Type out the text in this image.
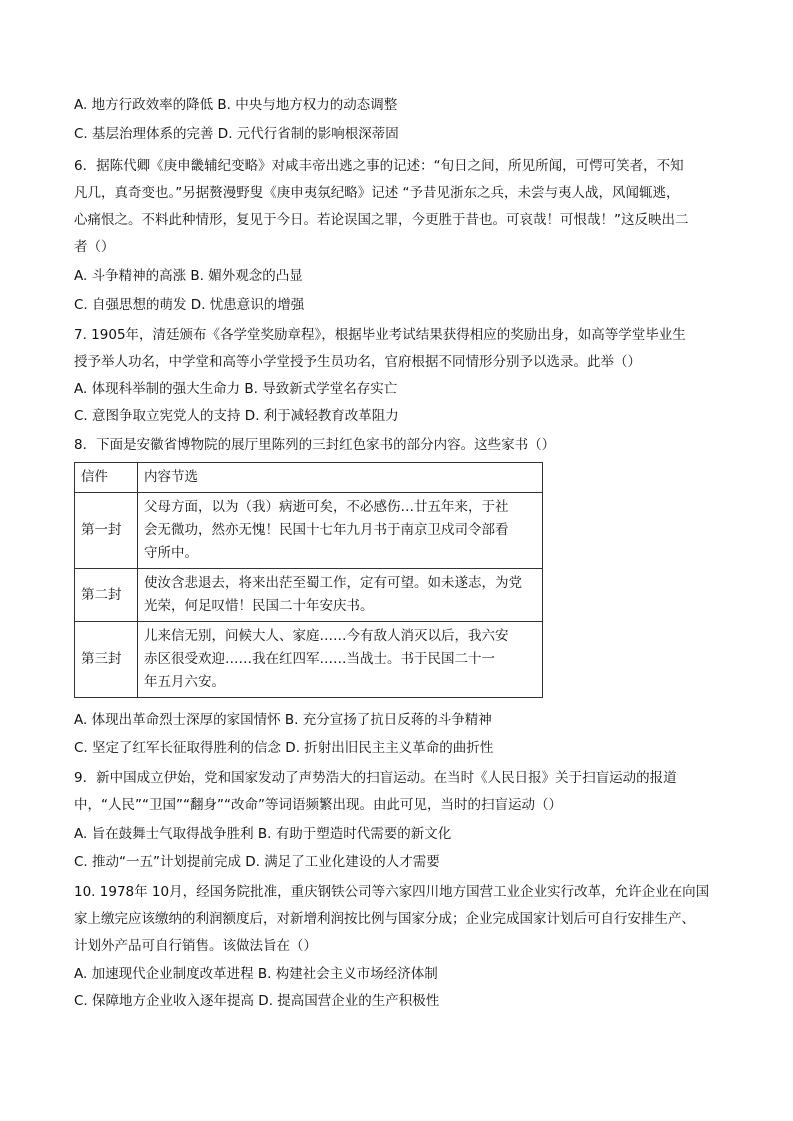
A. 地方行政效率的降低 B. 中央与地方权力的动态调整
C. 基层治理体系的完善 D. 元代行省制的影响根深蒂固
6．据陈代卿《庚申畿辅纪变略》对咸丰帝出逃之事的记述：“旬日之间，所见所闻，可愕可笑者，不知
凡几，真奇变也。”另据赘漫野叟《庚申夷氛纪略》记述 “予昔见浙东之兵，未尝与夷人战，风闻辄逃，
心痛恨之。不料此种情形，复见于今日。若论误国之罪，今更胜于昔也。可哀哉！可恨哉！”这反映出二
者（）
A. 斗争精神的高涨 B. 媚外观念的凸显
C. 自强思想的萌发 D. 忧患意识的增强
7. 1905年，清廷颁布《各学堂奖励章程》，根据毕业考试结果获得相应的奖励出身，如高等学堂毕业生
授予举人功名，中学堂和高等小学堂授予生员功名，官府根据不同情形分别予以选录。此举（）
A. 体现科举制的强大生命力 B. 导致新式学堂名存实亡
C. 意图争取立宪党人的支持 D. 利于减轻教育改革阻力
8．下面是安徽省博物院的展厅里陈列的三封红色家书的部分内容。这些家书（）
信件	内容节选
第一封	父母方面，以为（我）病逝可矣，不必感伤…廿五年来，于社
会无微功，然亦无愧！民国十七年九月书于南京卫戍司令部看
守所中。

第二封	使汝含悲退去，将来出茫至蜀工作，定有可望。如未遂志，为党
光荣，何足叹惜！民国二十年安庆书。

第三封	儿来信无别，问候大人、家庭……今有敌人消灭以后，我六安
赤区很受欢迎……我在红四军……当战士。书于民国二十一
年五月六安。
A. 体现出革命烈士深厚的家国情怀 B. 充分宣扬了抗日反蒋的斗争精神
C. 坚定了红军长征取得胜利的信念 D. 折射出旧民主主义革命的曲折性
9．新中国成立伊始，党和国家发动了声势浩大的扫盲运动。在当时《人民日报》关于扫盲运动的报道
中，“人民”“卫国”“翻身”“改命”等词语频繁出现。由此可见，当时的扫盲运动（）
A. 旨在鼓舞士气取得战争胜利 B. 有助于塑造时代需要的新文化
C. 推动“一五”计划提前完成 D. 满足了工业化建设的人才需要
10. 1978年 10月，经国务院批准，重庆钢铁公司等六家四川地方国营工业企业实行改革，允许企业在向国
家上缴完应该缴纳的利润额度后，对新增利润按比例与国家分成；企业完成国家计划后可自行安排生产、
计划外产品可自行销售。该做法旨在（）
A. 加速现代企业制度改革进程 B. 构建社会主义市场经济体制
C. 保障地方企业收入逐年提高 D. 提高国营企业的生产积极性
